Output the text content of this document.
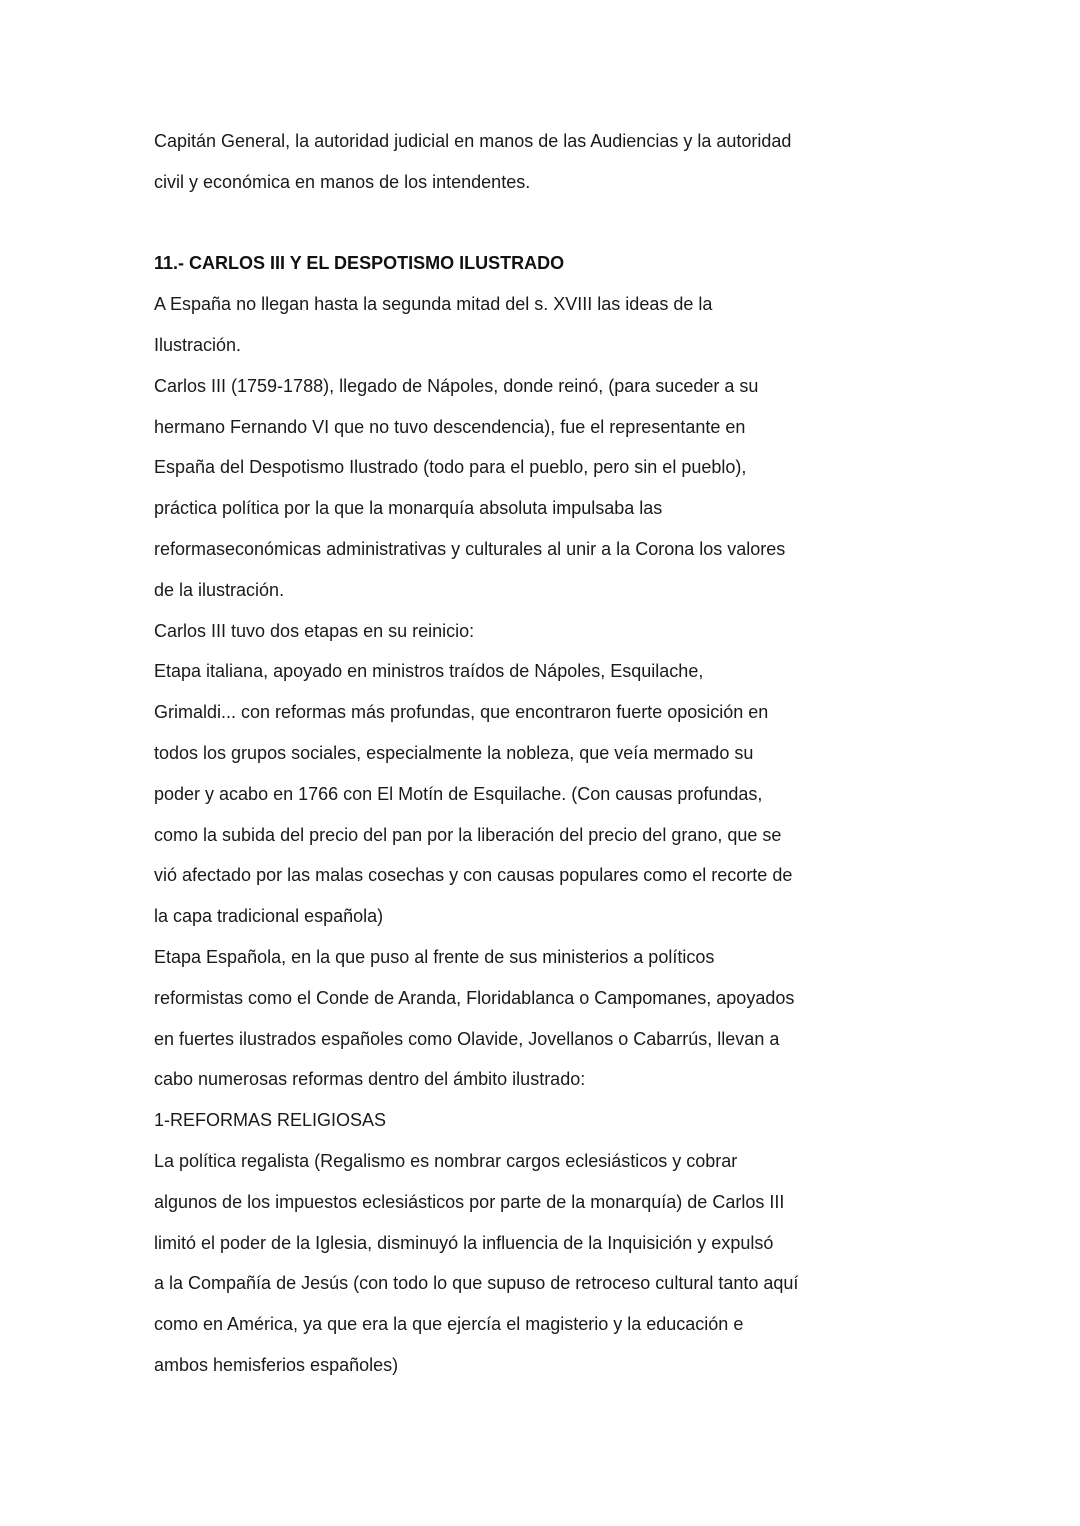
Capitán General, la autoridad judicial en manos de las Audiencias y la autoridad
civil y económica en manos de los intendentes.
11.- CARLOS III Y EL DESPOTISMO ILUSTRADO
A España no llegan hasta la segunda mitad del s. XVIII las ideas de la
Ilustración.
Carlos III (1759-1788), llegado de Nápoles, donde reinó, (para suceder a su
hermano Fernando VI que no tuvo descendencia), fue el representante en
España del Despotismo Ilustrado (todo para el pueblo, pero sin el pueblo),
práctica política por la que la monarquía absoluta impulsaba las
reformaseconómicas administrativas y culturales al unir a la Corona los valores
de la ilustración.
Carlos III tuvo dos etapas en su reinicio:
Etapa italiana, apoyado en ministros traídos de Nápoles, Esquilache,
Grimaldi... con reformas más profundas, que encontraron fuerte oposición en
todos los grupos sociales, especialmente la nobleza, que veía mermado su
poder y acabo en 1766 con El Motín de Esquilache. (Con causas profundas,
como la subida del precio del pan por la liberación del precio del grano, que se
vió afectado por las malas cosechas y con causas populares como el recorte de
la capa tradicional española)
Etapa Española, en la que puso al frente de sus ministerios a políticos
reformistas como el Conde de Aranda, Floridablanca o Campomanes, apoyados
en fuertes ilustrados españoles como Olavide, Jovellanos o Cabarrús, llevan a
cabo numerosas reformas dentro del ámbito ilustrado:
1-REFORMAS RELIGIOSAS
La política regalista (Regalismo es nombrar cargos eclesiásticos y cobrar
algunos de los impuestos eclesiásticos por parte de la monarquía) de Carlos III
limitó el poder de la Iglesia, disminuyó la influencia de la Inquisición y expulsó
a la Compañía de Jesús (con todo lo que supuso de retroceso cultural tanto aquí
como en América, ya que era la que ejercía el magisterio y la educación e
ambos hemisferios españoles)
